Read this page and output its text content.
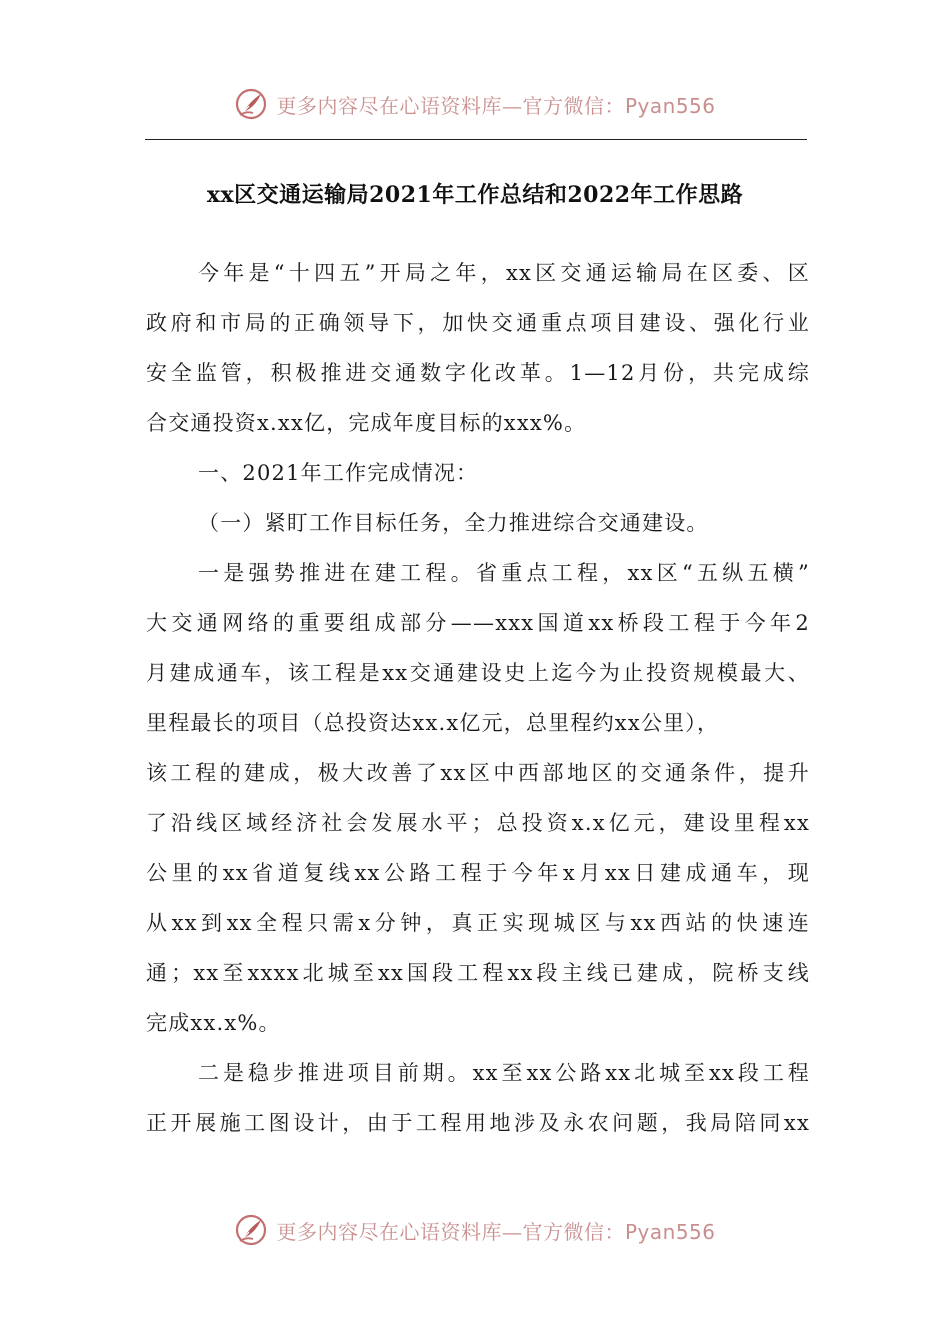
更多内容尽在心语资料库—官方微信：Pyan556
xx区交通运输局2021年工作总结和2022年工作思路
今年是“十四五”开局之年，xx区交通运输局在区委、区
政府和市局的正确领导下，加快交通重点项目建设、强化行业
安全监管，积极推进交通数字化改革。1—12月份，共完成综
合交通投资x.xx亿，完成年度目标的xxx%。
一、2021年工作完成情况：
（一）紧盯工作目标任务，全力推进综合交通建设。
一是强势推进在建工程。省重点工程，xx区“五纵五横”
大交通网络的重要组成部分——xxx国道xx桥段工程于今年2
月建成通车，该工程是xx交通建设史上迄今为止投资规模最大、
里程最长的项目（总投资达xx.x亿元，总里程约xx公里），
该工程的建成，极大改善了xx区中西部地区的交通条件，提升
了沿线区域经济社会发展水平；总投资x.x亿元，建设里程xx
公里的xx省道复线xx公路工程于今年x月xx日建成通车，现
从xx到xx全程只需x分钟，真正实现城区与xx西站的快速连
通；xx至xxxx北城至xx国段工程xx段主线已建成，院桥支线
完成xx.x%。
二是稳步推进项目前期。xx至xx公路xx北城至xx段工程
正开展施工图设计，由于工程用地涉及永农问题，我局陪同xx
更多内容尽在心语资料库—官方微信：Pyan556
